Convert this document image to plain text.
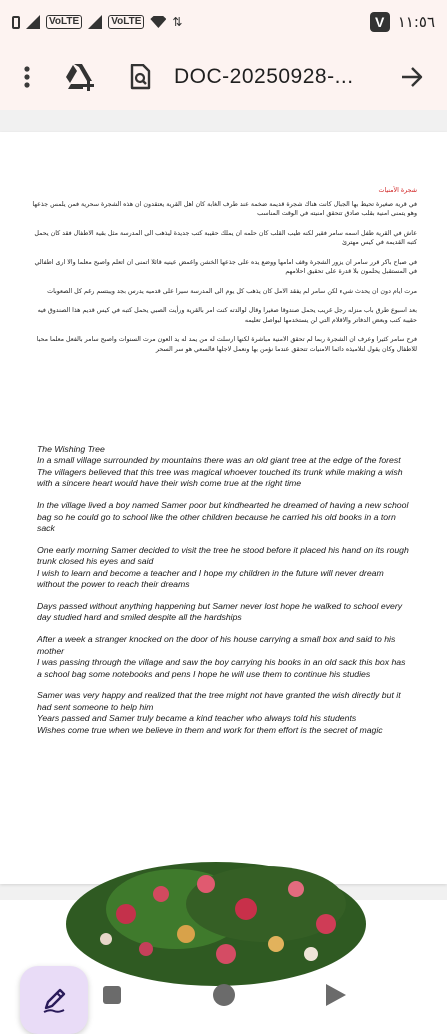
VoLTE	VoLTE	⇅	V ١١:٥٦
DOC-20250928-...
شجرة الأمنيات

في قرية صغيرة تحيط بها الجبال كانت هناك شجرة قديمة ضخمة عند طرف الغابة كان اهل القرية يعتقدون ان هذه الشجرة سحرية فمن يلمس جذعها وهو يتمنى امنية بقلب صادق تتحقق امنيته في الوقت المناسب

عاش في القرية طفل اسمه سامر فقير لكنه طيب القلب كان حلمه ان يملك حقيبة كتب جديدة ليذهب الى المدرسة مثل بقية الاطفال فقد كان يحمل كتبه القديمة في كيس مهترئ

في صباح باكر قرر سامر ان يزور الشجرة وقف امامها ووضع يده على جذعها الخشن واغمض عينيه قائلا اتمنى ان اتعلم واصبح معلما والا ارى اطفالي في المستقبل يحلمون بلا قدرة على تحقيق احلامهم

مرت ايام دون ان يحدث شيء لكن سامر لم يفقد الامل كان يذهب كل يوم الى المدرسة سيرا على قدميه يدرس بجد ويبتسم رغم كل الصعوبات

بعد اسبوع طرق باب منزله رجل غريب يحمل صندوقا صغيرا وقال لوالدته كنت امر بالقرية ورأيت الصبي يحمل كتبه في كيس قديم هذا الصندوق فيه حقيبة كتب وبعض الدفاتر والاقلام التي لن يستخدمها ليواصل تعليمه

فرح سامر كثيرا وعرف ان الشجرة ربما لم تحقق الامنية مباشرة لكنها ارسلت له من يمد له يد العون مرت السنوات واصبح سامر بالفعل معلما محبا للاطفال وكان يقول لتلاميذه دائما الامنيات تتحقق عندما نؤمن بها ونعمل لاجلها فالسعي هو سر السحر

The Wishing Tree

In a small village surrounded by mountains there was an old giant tree at the edge of the forest
The villagers believed that this tree was magical whoever touched its trunk while making a wish with a sincere heart would have their wish come true at the right time

In the village lived a boy named Samer poor but kindhearted he dreamed of having a new school bag so he could go to school like the other children because he carried his old books in a torn sack

One early morning Samer decided to visit the tree he stood before it placed his hand on its rough trunk closed his eyes and said
I wish to learn and become a teacher and I hope my children in the future will never dream without the power to reach their dreams

Days passed without anything happening but Samer never lost hope he walked to school every day studied hard and smiled despite all the hardships

After a week a stranger knocked on the door of his house carrying a small box and said to his mother
I was passing through the village and saw the boy carrying his books in an old sack this box has a school bag some notebooks and pens I hope he will use them to continue his studies

Samer was very happy and realized that the tree might not have granted the wish directly but it had sent someone to help him
Years passed and Samer truly became a kind teacher who always told his students
Wishes come true when we believe in them and work for them effort is the secret of magic
